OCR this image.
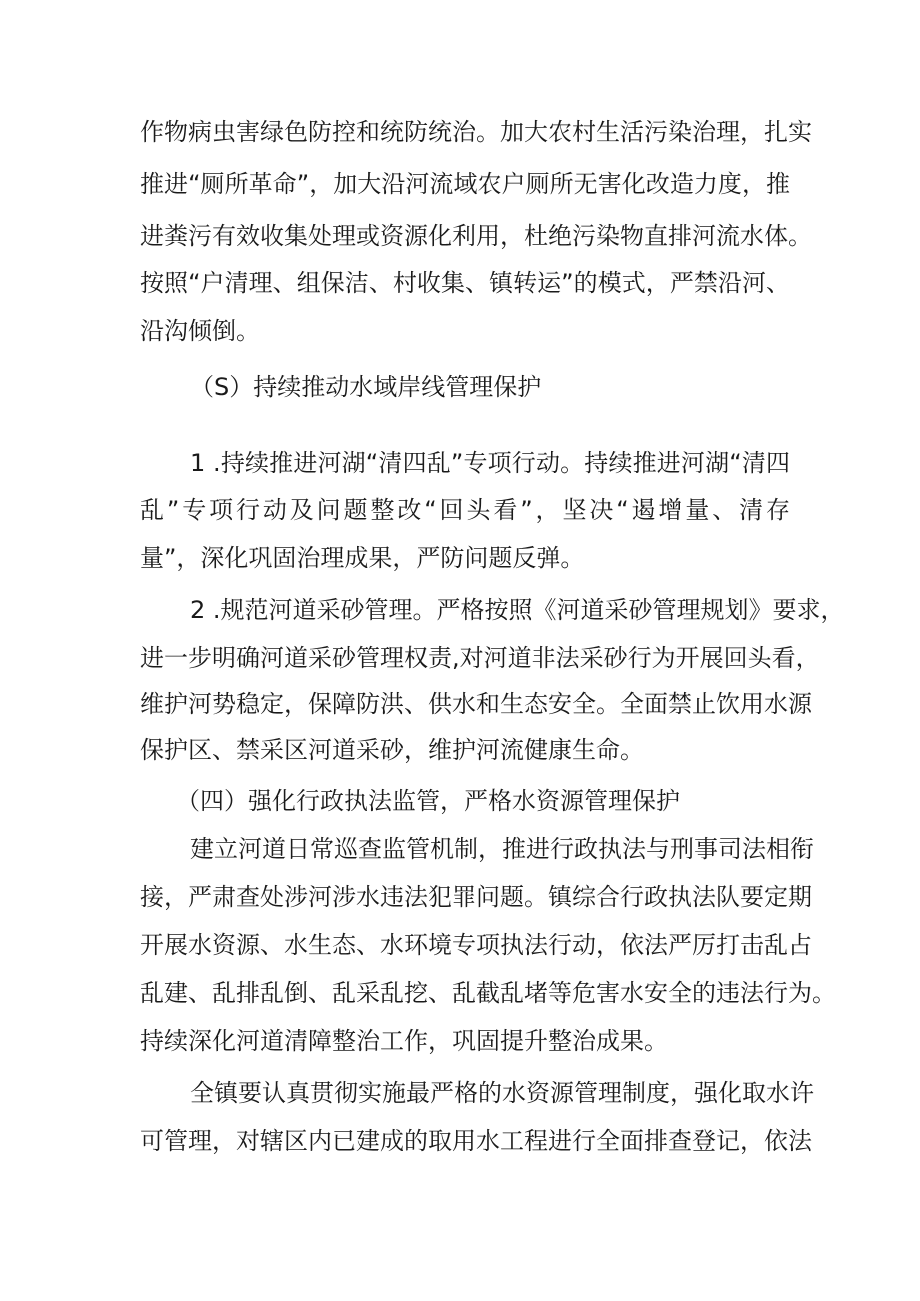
作物病虫害绿色防控和统防统治。加大农村生活污染治理，扎实
推进“厕所革命”，加大沿河流域农户厕所无害化改造力度，推
进粪污有效收集处理或资源化利用，杜绝污染物直排河流水体。
按照“户清理、组保洁、村收集、镇转运”的模式，严禁沿河、
沿沟倾倒。
（S）持续推动水域岸线管理保护
1 .持续推进河湖“清四乱”专项行动。持续推进河湖“清四
乱”专项行动及问题整改“回头看”，坚决“遏增量、清存
量”，深化巩固治理成果，严防问题反弹。
2 .规范河道采砂管理。严格按照《河道采砂管理规划》要求，
进一步明确河道采砂管理权责,对河道非法采砂行为开展回头看，
维护河势稳定，保障防洪、供水和生态安全。全面禁止饮用水源
保护区、禁采区河道采砂，维护河流健康生命。
（四）强化行政执法监管，严格水资源管理保护
建立河道日常巡查监管机制，推进行政执法与刑事司法相衔
接，严肃查处涉河涉水违法犯罪问题。镇综合行政执法队要定期
开展水资源、水生态、水环境专项执法行动，依法严厉打击乱占
乱建、乱排乱倒、乱采乱挖、乱截乱堵等危害水安全的违法行为。
持续深化河道清障整治工作，巩固提升整治成果。
全镇要认真贯彻实施最严格的水资源管理制度，强化取水许
可管理，对辖区内已建成的取用水工程进行全面排查登记，依法
